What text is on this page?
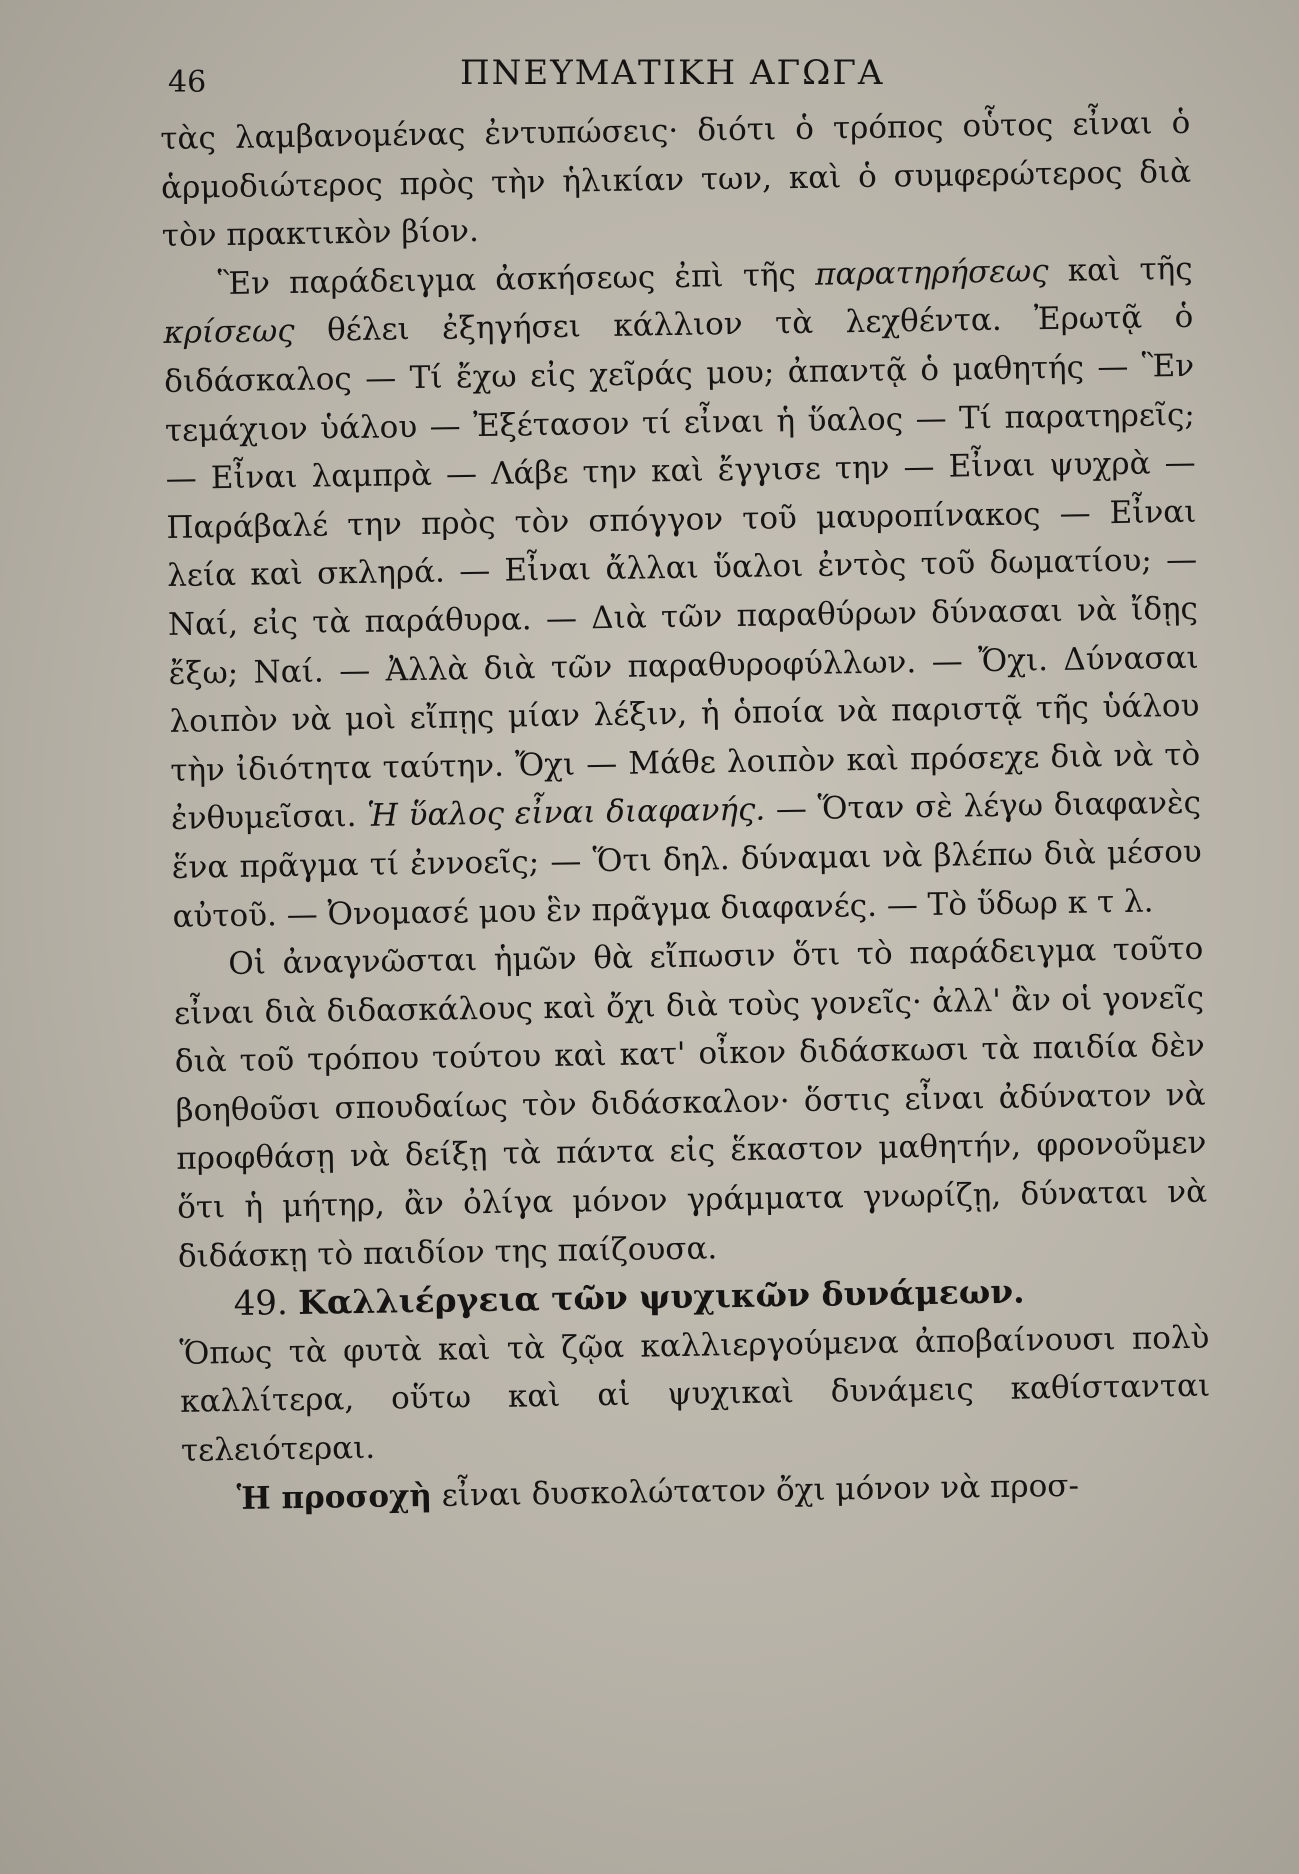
46	ΠΝΕΥΜΑΤΙΚΗ ΑΓΩΓΑ

τὰς λαμβανομένας ἐντυπώσεις· διότι ὁ τρόπος οὗτος εἶναι ὁ ἁρμοδιώτερος πρὸς τὴν ἡλικίαν των, καὶ ὁ συμφερώτερος διὰ τὸν πρακτικὸν βίον.

Ἓν παράδειγμα ἀσκήσεως ἐπὶ τῆς παρατηρήσεως καὶ τῆς κρίσεως θέλει ἐξηγήσει κάλλιον τὰ λεχθέντα. Ἐρωτᾷ ὁ διδάσκαλος — Τί ἔχω εἰς χεῖράς μου; ἀπαντᾷ ὁ μαθητής — Ἓν τεμάχιον ὑάλου — Ἐξέτασον τί εἶναι ἡ ὕαλος — Τί παρατηρεῖς; — Εἶναι λαμπρὰ — Λάβε την καὶ ἔγγισε την — Εἶναι ψυχρὰ — Παράβαλέ την πρὸς τὸν σπόγγον τοῦ μαυροπίνακος — Εἶναι λεία καὶ σκληρά. — Εἶναι ἄλλαι ὕαλοι ἐντὸς τοῦ δωματίου; — Ναί, εἰς τὰ παράθυρα. — Διὰ τῶν παραθύρων δύνασαι νὰ ἴδῃς ἔξω; Ναί. — Ἀλλὰ διὰ τῶν παραθυροφύλλων. — Ὄχι. Δύνασαι λοιπὸν νὰ μοὶ εἴπῃς μίαν λέξιν, ἡ ὁποία νὰ παριστᾷ τῆς ὑάλου τὴν ἰδιότητα ταύτην. Ὄχι — Μάθε λοιπὸν καὶ πρόσεχε διὰ νὰ τὸ ἐνθυμεῖσαι. Ἡ ὕαλος εἶναι διαφανής. — Ὅταν σὲ λέγω διαφανὲς ἕνα πρᾶγμα τί ἐννοεῖς; — Ὅτι δηλ. δύναμαι νὰ βλέπω διὰ μέσου αὐτοῦ. — Ὀνομασέ μου ἓν πρᾶγμα διαφανές. — Τὸ ὕδωρ κ τ λ.

Οἱ ἀναγνῶσται ἡμῶν θὰ εἴπωσιν ὅτι τὸ παράδειγμα τοῦτο εἶναι διὰ διδασκάλους καὶ ὄχι διὰ τοὺς γονεῖς· ἀλλ' ἂν οἱ γονεῖς διὰ τοῦ τρόπου τούτου καὶ κατ' οἶκον διδάσκωσι τὰ παιδία δὲν βοηθοῦσι σπουδαίως τὸν διδάσκαλον· ὅστις εἶναι ἀδύνατον νὰ προφθάσῃ νὰ δείξῃ τὰ πάντα εἰς ἕκαστον μαθητήν, φρονοῦμεν ὅτι ἡ μήτηρ, ἂν ὀλίγα μόνον γράμματα γνωρίζῃ, δύναται νὰ διδάσκῃ τὸ παιδίον της παίζουσα.

49. Καλλιέργεια τῶν ψυχικῶν δυνάμεων.

Ὅπως τὰ φυτὰ καὶ τὰ ζῷα καλλιεργούμενα ἀποβαίνουσι πολὺ καλλίτερα, οὕτω καὶ αἱ ψυχικαὶ δυνάμεις καθίστανται τελειότεραι.

Ἡ προσοχὴ εἶναι δυσκολώτατον ὄχι μόνον νὰ προσ-
